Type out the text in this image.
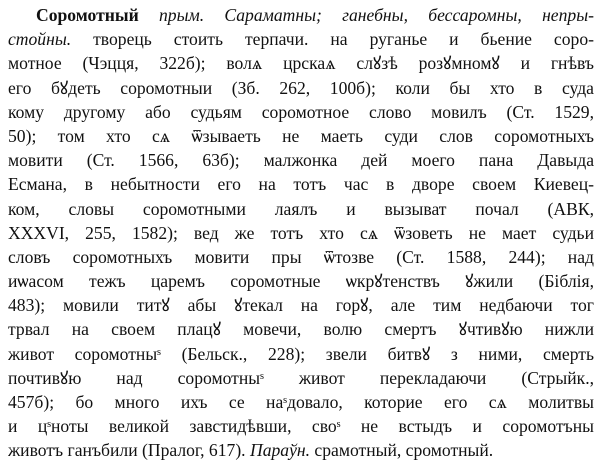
Соромотный прым. Сараматны; ганебны, бессаромны, непры-
стойны. творець стоить терпачи. на руганье и бьение соро-
мотное (Чэцця, 322б); волѧ црскаѧ слꙋзѣ розꙋмномꙋ и гнѣвъ
его бꙋдеть соромотныи (Зб. 262, 100б); коли бы хто в суда
кому другому або судьям соромотное слово мовилъ (Ст. 1529,
50); том хто сѧ ѿзываеть не маеть суди слов соромотныхъ
мовити (Ст. 1566, 63б); малжонка дей моего пана Давыда
Есмана, в небытности его на тотъ час в дворе своем Киевец-
ком, словы соромотными лаялъ и вызыват почал (АВК,
XXXVI, 255, 1582); вед же тотъ хто сѧ ѿзоветь не мает судьи
словъ соромотныхъ мовити пры ѿтозве (Ст. 1588, 244); над
иѡасом тежъ царемъ соромотные ѡкрꙋтенствъ ꙋжили (Біблія,
483); мовили титꙋ абы ꙋтекал на горꙋ, але тим недбаючи тог
трвал на своем плацꙋ мовечи, волю смертъ ꙋчтивꙋю нижли
живот соромотныˢ (Бельск., 228); звели битвꙋ з ними, смерть
почтивꙋю над соромотныˢ живот перекладаючи (Стрыйк.,
457б); бо много ихъ се наˢдовало, которие его сѧ молитвы
и цˢноты великой завстидѣвши, своˢ не встыдъ и соромотъны
животъ ганъбили (Пралог, 617). Параўн. срамотный, сромотный.
